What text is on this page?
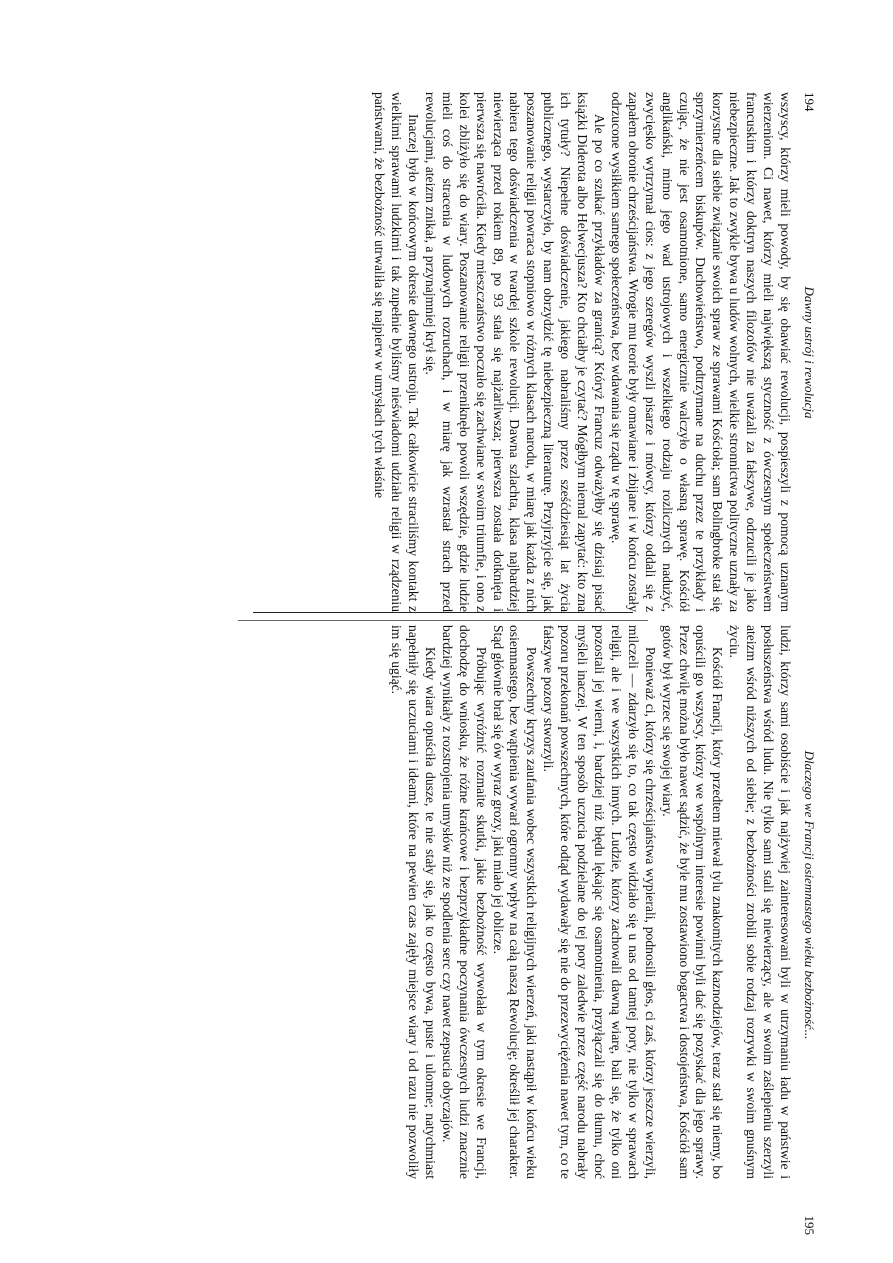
194
Dawny ustrój i rewolucja

wszyscy, którzy mieli powody, by się obawiać rewolucji, pospieszyli z pomocą uznanym wierzeniom. Ci nawet, którzy mieli największą styczność z ówczesnym społeczeństwem francuskim i którzy doktryn naszych filozofów nie uważali za fałszywe, odrzucili je jako niebezpieczne. Jak to zwykle bywa u ludów wolnych, wielkie stronnictwa polityczne uznały za korzystne dla siebie związanie swoich spraw ze sprawami Kościoła; sam Bolingbroke stał się sprzymierzeńcem biskupów. Duchowieństwo, podtrzymane na duchu przez te przykłady i czując, że nie jest osamotnione, samo energicznie walczyło o własną sprawę. Kościół anglikański, mimo jego wad ustrojowych i wszelkiego rodzaju rozlicznych nadużyć, zwycięsko wytrzymał cios: z jego szeregów wyszli pisarze i mówcy, którzy oddali się z zapałem obronie chrześcijaństwa. Wrogie mu teorie były omawiane i zbijane i w końcu zostały odrzucone wysiłkiem samego społeczeństwa, bez wdawania się rządu w tę sprawę.

Ale po co szukać przykładów za granicą? Któryż Francuz odważyłby się dzisiaj pisać książki Diderota albo Helwecjusza? Kto chciałby je czytać? Mógłbym niemal zapytać: kto zna ich tytuły? Niepełne doświadczenie, jakiego nabraliśmy przez sześćdziesiąt lat życia publicznego, wystarczyło, by nam obrzydzić tę niebezpieczną literaturę. Przyjrzyjcie się, jak poszanowanie religii powraca stopniowo w różnych klasach narodu, w miarę jak każda z nich nabiera tego doświadczenia w twardej szkole rewolucji. Dawna szlachta, klasa najbardziej niewierząca przed rokiem 89, po 93 stała się najżarliwsza; pierwsza została dotknięta i pierwsza się nawróciła. Kiedy mieszczaństwo poczuło się zachwiane w swoim triumfie, i ono z kolei zbliżyło się do wiary. Poszanowanie religii przeniknęło powoli wszędzie, gdzie ludzie mieli coś do stracenia w ludowych rozruchach, i w miarę jak wzrastał strach przed rewolucjami, ateizm znikał, a przynajmniej krył się.

Inaczej było w końcowym okresie dawnego ustroju. Tak całkowicie straciliśmy kontakt z wielkimi sprawami ludzkimi i tak zupełnie byliśmy nieświadomi udziału religii w rządzeniu państwami, że bezbożność utrwaliła się najpierw w umysłach tych właśnie

Dlaczego we Francji osiemnastego wieku bezbożność...
195

ludzi, którzy sami osobiście i jak najżywiej zainteresowani byli w utrzymaniu ładu w państwie i posłuszeństwa wśród ludu. Nie tylko sami stali się niewierzący, ale w swoim zaślepieniu szerzyli ateizm wśród niższych od siebie; z bezbożności zrobili sobie rodzaj rozrywki w swoim gnuśnym życiu.

Kościół Francji, który przedtem miewał tylu znakomitych kaznodziejów, teraz stał się niemy, bo opuścili go wszyscy, którzy we wspólnym interesie powinni byli dać się pozyskać dla jego sprawy. Przez chwilę można było nawet sądzić, że byle mu zostawiono bogactwa i dostojeństwa, Kościół sam gotów był wyrzec się swojej wiary.

Ponieważ ci, którzy się chrześcijaństwa wypierali, podnosili głos, ci zaś, którzy jeszcze wierzyli, milczeli — zdarzyło się to, co tak często widziało się u nas od tamtej pory, nie tylko w sprawach religii, ale i we wszystkich innych. Ludzie, którzy zachowali dawną wiarę, bali się, że tylko oni pozostali jej wierni, i, bardziej niż błędu lękając się osamotnienia, przyłączali się do tłumu, choć myśleli inaczej. W ten sposób uczucia podzielane do tej pory zaledwie przez część narodu nabrały pozoru przekonań powszechnych, które odtąd wydawały się nie do przezwyciężenia nawet tym, co te fałszywe pozory stworzyli.

Powszechny kryzys zaufania wobec wszystkich religijnych wierzeń, jaki nastąpił w końcu wieku osiemnastego, bez wątpienia wywarł ogromny wpływ na całą naszą Rewolucję; określił jej charakter. Stąd głównie brał się ów wyraz grozy, jaki miało jej oblicze.

Próbując wyróżnić rozmaite skutki, jakie bezbożność wywołała w tym okresie we Francji, dochodzę do wniosku, że różne krańcowe i bezprzykładne poczynania ówczesnych ludzi znacznie bardziej wynikały z rozstrojenia umysłów niż ze spodlenia serc czy nawet zepsucia obyczajów.

Kiedy wiara opuściła dusze, te nie stały się, jak to często bywa, puste i ulomne; natychmiast napełniły się uczuciami i ideami, które na pewien czas zajęły miejsce wiary i od razu nie pozwoliły im się ugiąć.
